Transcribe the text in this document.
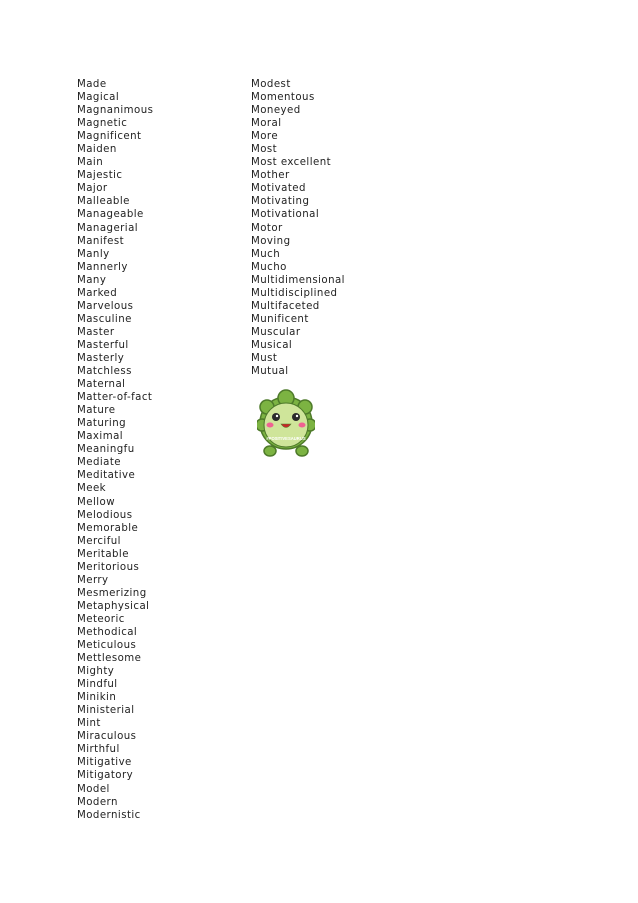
Made
Magical
Magnanimous
Magnetic
Magnificent
Maiden
Main
Majestic
Major
Malleable
Manageable
Managerial
Manifest
Manly
Mannerly
Many
Marked
Marvelous
Masculine
Master
Masterful
Masterly
Matchless
Maternal
Matter-of-fact
Mature
Maturing
Maximal
Meaningfu
Mediate
Meditative
Meek
Mellow
Melodious
Memorable
Merciful
Meritable
Meritorious
Merry
Mesmerizing
Metaphysical
Meteoric
Methodical
Meticulous
Mettlesome
Mighty
Mindful
Minikin
Ministerial
Mint
Miraculous
Mirthful
Mitigative
Mitigatory
Model
Modern
Modernistic
Modest
Momentous
Moneyed
Moral
More
Most
Most excellent
Mother
Motivated
Motivating
Motivational
Motor
Moving
Much
Mucho
Multidimensional
Multidisciplined
Multifaceted
Munificent
Muscular
Musical
Must
Mutual
#POSITIVESAURUS
